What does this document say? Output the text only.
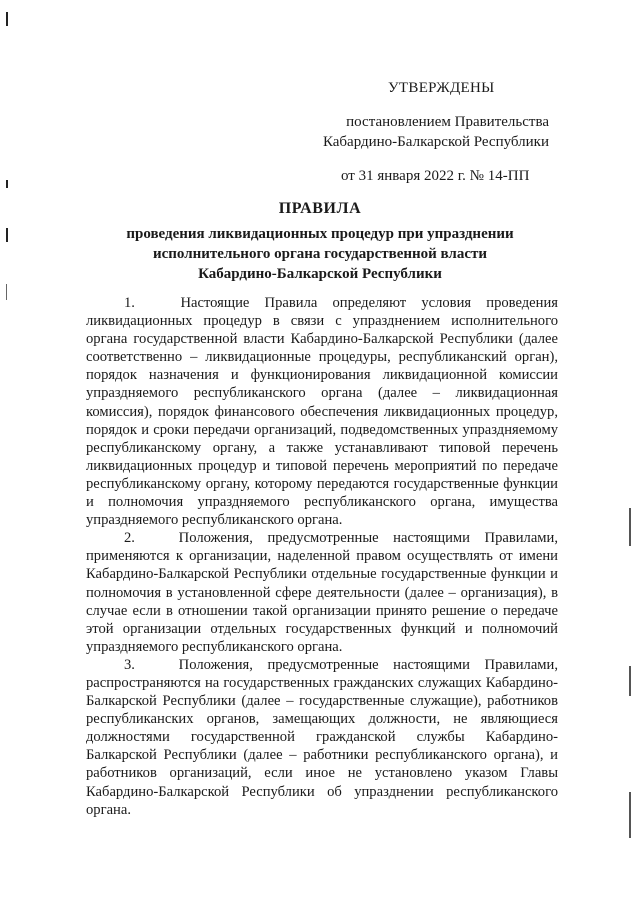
УТВЕРЖДЕНЫ
постановлением Правительства
Кабардино-Балкарской Республики
от 31 января 2022 г. № 14-ПП
ПРАВИЛА
проведения ликвидационных процедур при упразднении
исполнительного органа государственной власти
Кабардино-Балкарской Республики

1.	Настоящие Правила определяют условия проведения ликвидационных процедур в связи с упразднением исполнительного органа государственной власти Кабардино-Балкарской Республики (далее соответственно – ликвидационные процедуры, республиканский орган), порядок назначения и функционирования ликвидационной комиссии упраздняемого республиканского органа (далее – ликвидационная комиссия), порядок финансового обеспечения ликвидационных процедур, порядок и сроки передачи организаций, подведомственных упраздняемому республиканскому органу, а также устанавливают типовой перечень ликвидационных процедур и типовой перечень мероприятий по передаче республиканскому органу, которому передаются государственные функции и полномочия упраздняемого республиканского органа, имущества упраздняемого республиканского органа.

2.	Положения, предусмотренные настоящими Правилами, применяются к организации, наделенной правом осуществлять от имени Кабардино-Балкарской Республики отдельные государственные функции и полномочия в установленной сфере деятельности (далее – организация), в случае если в отношении такой организации принято решение о передаче этой организации отдельных государственных функций и полномочий упраздняемого республиканского органа.

3.	Положения, предусмотренные настоящими Правилами, распространяются на государственных гражданских служащих Кабардино-Балкарской Республики (далее – государственные служащие), работников республиканских органов, замещающих должности, не являющиеся должностями государственной гражданской службы Кабардино-Балкарской Республики (далее – работники республиканского органа), и работников организаций, если иное не установлено указом Главы Кабардино-Балкарской Республики об упразднении республиканского органа.
